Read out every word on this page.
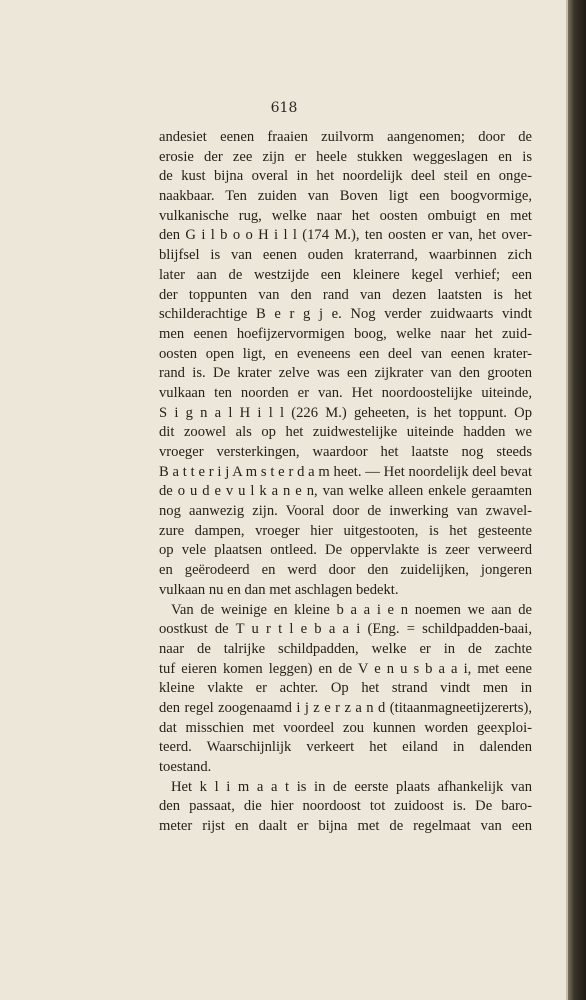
618
andesiet eenen fraaien zuilvorm aangenomen; door de
erosie der zee zijn er heele stukken weggeslagen en is
de kust bijna overal in het noordelijk deel steil en onge-
naakbaar. Ten zuiden van Boven ligt een boogvormige,
vulkanische rug, welke naar het oosten ombuigt en met
den G i l b o o H i l l (174 M.), ten oosten er van, het over-
blijfsel is van eenen ouden kraterrand, waarbinnen zich
later aan de westzijde een kleinere kegel verhief; een
der toppunten van den rand van dezen laatsten is het
schilderachtige B e r g j e. Nog verder zuidwaarts vindt
men eenen hoefijzervormigen boog, welke naar het zuid-
oosten open ligt, en eveneens een deel van eenen krater-
rand is. De krater zelve was een zijkrater van den grooten
vulkaan ten noorden er van. Het noordoostelijke uiteinde,
S i g n a l H i l l (226 M.) geheeten, is het toppunt. Op
dit zoowel als op het zuidwestelijke uiteinde hadden we
vroeger versterkingen, waardoor het laatste nog steeds
B a t t e r i j A m s t e r d a m heet. — Het noordelijk deel bevat
de o u d e v u l k a n e n, van welke alleen enkele geraamten
nog aanwezig zijn. Vooral door de inwerking van zwavel-
zure dampen, vroeger hier uitgestooten, is het gesteente
op vele plaatsen ontleed. De oppervlakte is zeer verweerd
en geërodeerd en werd door den zuidelijken, jongeren
vulkaan nu en dan met aschlagen bedekt.
Van de weinige en kleine b a a i e n noemen we aan de
oostkust de T u r t l e b a a i (Eng. = schildpadden-baai,
naar de talrijke schildpadden, welke er in de zachte
tuf eieren komen leggen) en de V e n u s b a a i, met eene
kleine vlakte er achter. Op het strand vindt men in
den regel zoogenaamd i j z e r z a n d (titaanmagneetijzererts),
dat misschien met voordeel zou kunnen worden geexploi-
teerd. Waarschijnlijk verkeert het eiland in dalenden
toestand.
Het k l i m a a t is in de eerste plaats afhankelijk van
den passaat, die hier noordoost tot zuidoost is. De baro-
meter rijst en daalt er bijna met de regelmaat van een
